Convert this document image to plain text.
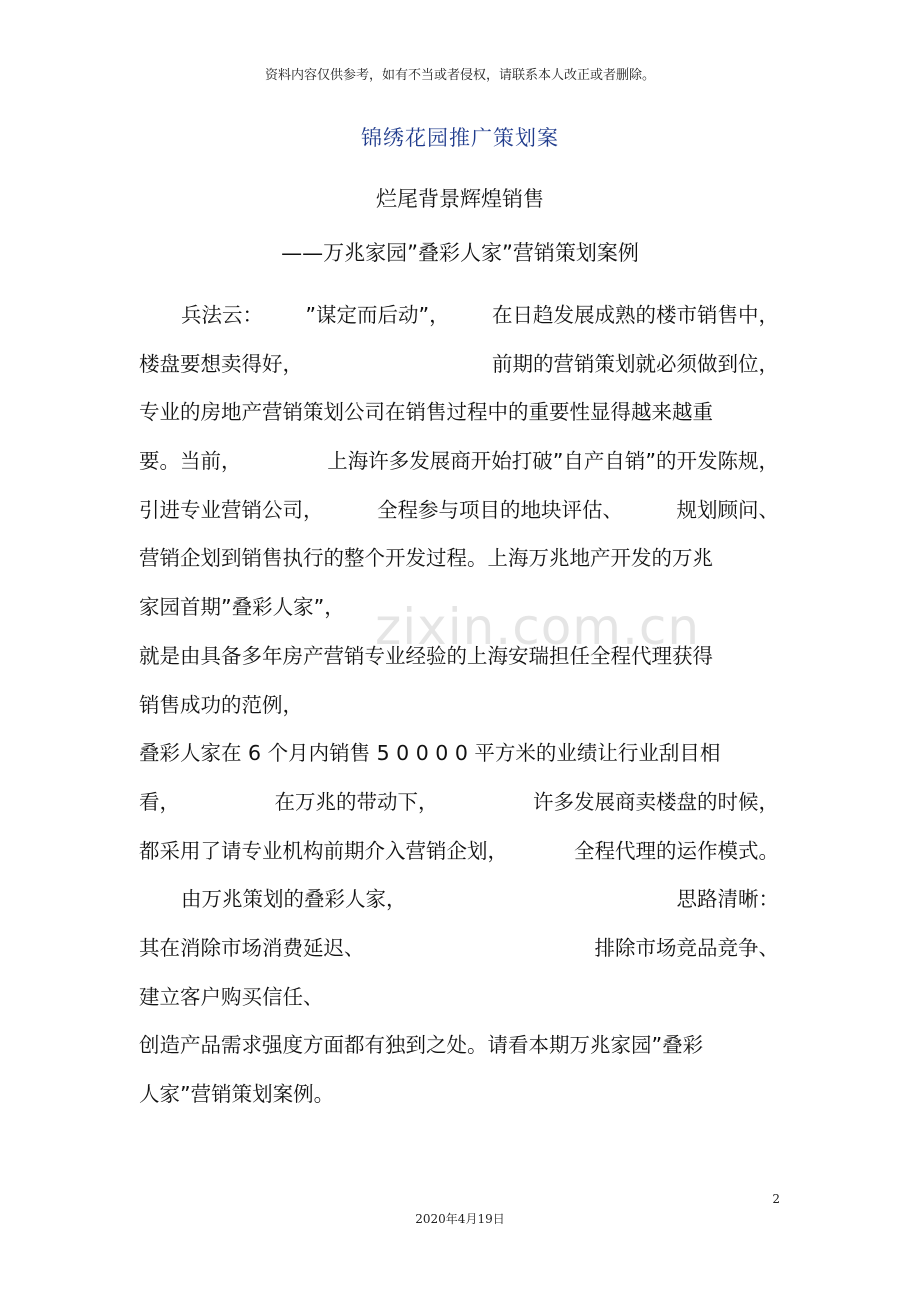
资料内容仅供参考，如有不当或者侵权，请联系本人改正或者删除。
锦绣花园推广策划案
烂尾背景辉煌销售
——万兆家园”叠彩人家”营销策划案例
zixin.com.cn
兵法云： ”谋定而后动”， 在日趋发展成熟的楼市销售中，
楼盘要想卖得好，	前期的营销策划就必须做到位，
专业的房地产营销策划公司在销售过程中的重要性显得越来越重
要。当前，	上海许多发展商开始打破”自产自销”的开发陈规，
引进专业营销公司，	全程参与项目的地块评估、	规划顾问、
营销企划到销售执行的整个开发过程。上海万兆地产开发的万兆
家园首期”叠彩人家”，
就是由具备多年房产营销专业经验的上海安瑞担任全程代理获得
销售成功的范例，
叠彩人家在 6 个月内销售 5 0 0 0 0 平方米的业绩让行业刮目相
看，	在万兆的带动下，	许多发展商卖楼盘的时候，
都采用了请专业机构前期介入营销企划，	全程代理的运作模式。
由万兆策划的叠彩人家，	思路清晰：
其在消除市场消费延迟、	排除市场竞品竞争、
建立客户购买信任、
创造产品需求强度方面都有独到之处。请看本期万兆家园”叠彩
人家”营销策划案例。
2
2020年4月19日
